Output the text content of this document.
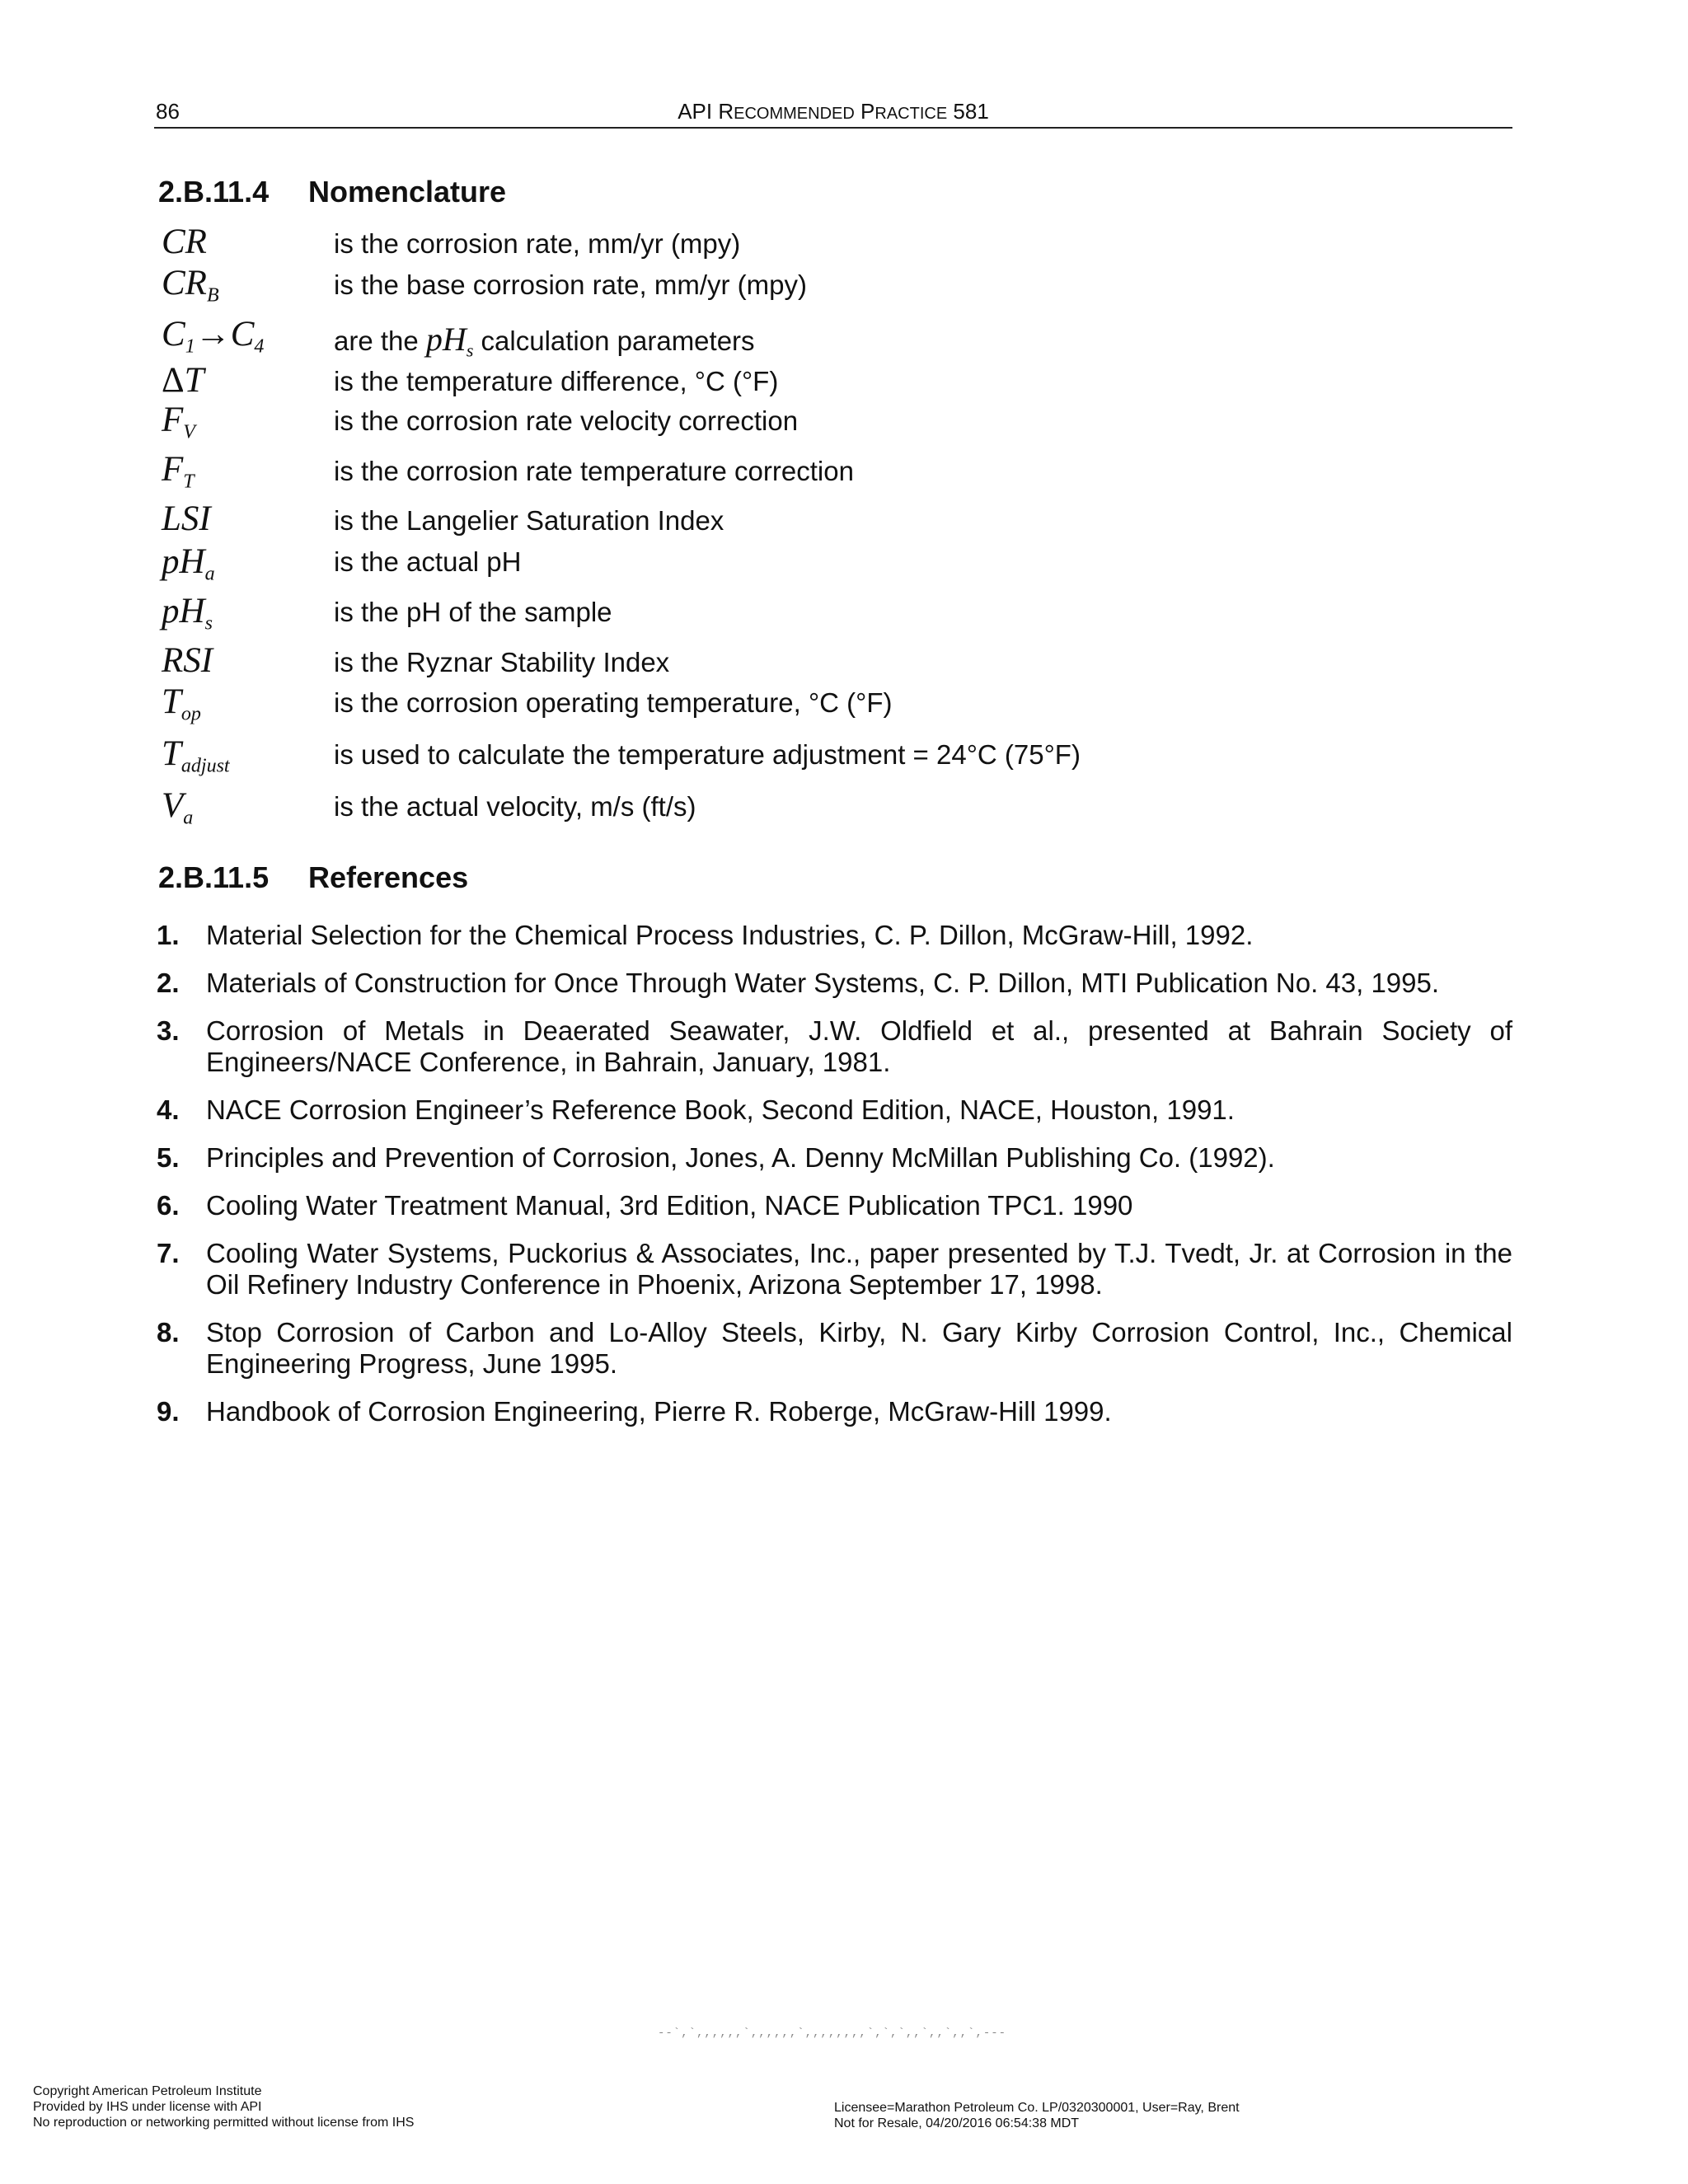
86	API RECOMMENDED PRACTICE 581
2.B.11.4 Nomenclature
CR	is the corrosion rate, mm/yr (mpy)
$CR_B$	is the base corrosion rate, mm/yr (mpy)
$C_1\to C_4$	are the $pH_s$ calculation parameters
ΔT	is the temperature difference, °C (°F)
$F_V$	is the corrosion rate velocity correction
$F_T$	is the corrosion rate temperature correction
LSI	is the Langelier Saturation Index
$pH_a$	is the actual pH
$pH_s$	is the pH of the sample
RSI	is the Ryznar Stability Index
$T_{op}$	is the corrosion operating temperature, °C (°F)
$T_{adjust}$	is used to calculate the temperature adjustment = 24°C (75°F)
$V_a$	is the actual velocity, m/s (ft/s)
2.B.11.5 References
1. Material Selection for the Chemical Process Industries, C. P. Dillon, McGraw-Hill, 1992.
2. Materials of Construction for Once Through Water Systems, C. P. Dillon, MTI Publication No. 43, 1995.
3. Corrosion of Metals in Deaerated Seawater, J.W. Oldfield et al., presented at Bahrain Society of Engineers/NACE Conference, in Bahrain, January, 1981.
4. NACE Corrosion Engineer’s Reference Book, Second Edition, NACE, Houston, 1991.
5. Principles and Prevention of Corrosion, Jones, A. Denny McMillan Publishing Co. (1992).
6. Cooling Water Treatment Manual, 3rd Edition, NACE Publication TPC1. 1990
7. Cooling Water Systems, Puckorius & Associates, Inc., paper presented by T.J. Tvedt, Jr. at Corrosion in the Oil Refinery Industry Conference in Phoenix, Arizona September 17, 1998.
8. Stop Corrosion of Carbon and Lo-Alloy Steels, Kirby, N. Gary Kirby Corrosion Control, Inc., Chemical Engineering Progress, June 1995.
9. Handbook of Corrosion Engineering, Pierre R. Roberge, McGraw-Hill 1999.
--`,`,,,,,,`,,,,,,`,,,,,,,,`,`,`,,`,,`,,`,---
Copyright American Petroleum Institute
Provided by IHS under license with API
No reproduction or networking permitted without license from IHS
Licensee=Marathon Petroleum Co. LP/0320300001, User=Ray, Brent
Not for Resale, 04/20/2016 06:54:38 MDT
